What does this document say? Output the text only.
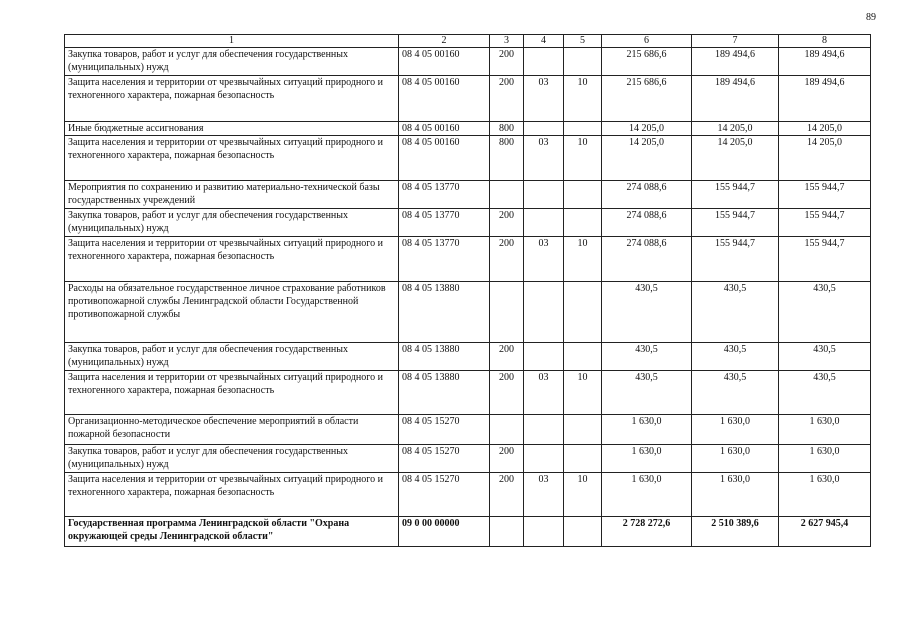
89
1	2	3	4	5	6	7	8
Закупка товаров, работ и услуг для обеспечения государственных (муниципальных) нужд	08 4 05 00160	200			215 686,6	189 494,6	189 494,6
Защита населения и территории от чрезвычайных ситуаций природного и техногенного характера, пожарная безопасность	08 4 05 00160	200	03	10	215 686,6	189 494,6	189 494,6
Иные бюджетные ассигнования	08 4 05 00160	800			14 205,0	14 205,0	14 205,0
Защита населения и территории от чрезвычайных ситуаций природного и техногенного характера, пожарная безопасность	08 4 05 00160	800	03	10	14 205,0	14 205,0	14 205,0
Мероприятия по сохранению и развитию материально-технической базы государственных учреждений	08 4 05 13770				274 088,6	155 944,7	155 944,7
Закупка товаров, работ и услуг для обеспечения государственных (муниципальных) нужд	08 4 05 13770	200			274 088,6	155 944,7	155 944,7
Защита населения и территории от чрезвычайных ситуаций природного и техногенного характера, пожарная безопасность	08 4 05 13770	200	03	10	274 088,6	155 944,7	155 944,7
Расходы на обязательное государственное личное страхование работников противопожарной службы Ленинградской области Государственной противопожарной службы	08 4 05 13880				430,5	430,5	430,5
Закупка товаров, работ и услуг для обеспечения государственных (муниципальных) нужд	08 4 05 13880	200			430,5	430,5	430,5
Защита населения и территории от чрезвычайных ситуаций природного и техногенного характера, пожарная безопасность	08 4 05 13880	200	03	10	430,5	430,5	430,5
Организационно-методическое обеспечение мероприятий в области пожарной безопасности	08 4 05 15270				1 630,0	1 630,0	1 630,0
Закупка товаров, работ и услуг для обеспечения государственных (муниципальных) нужд	08 4 05 15270	200			1 630,0	1 630,0	1 630,0
Защита населения и территории от чрезвычайных ситуаций природного и техногенного характера, пожарная безопасность	08 4 05 15270	200	03	10	1 630,0	1 630,0	1 630,0
Государственная программа Ленинградской области "Охрана окружающей среды Ленинградской области"	09 0 00 00000				2 728 272,6	2 510 389,6	2 627 945,4
